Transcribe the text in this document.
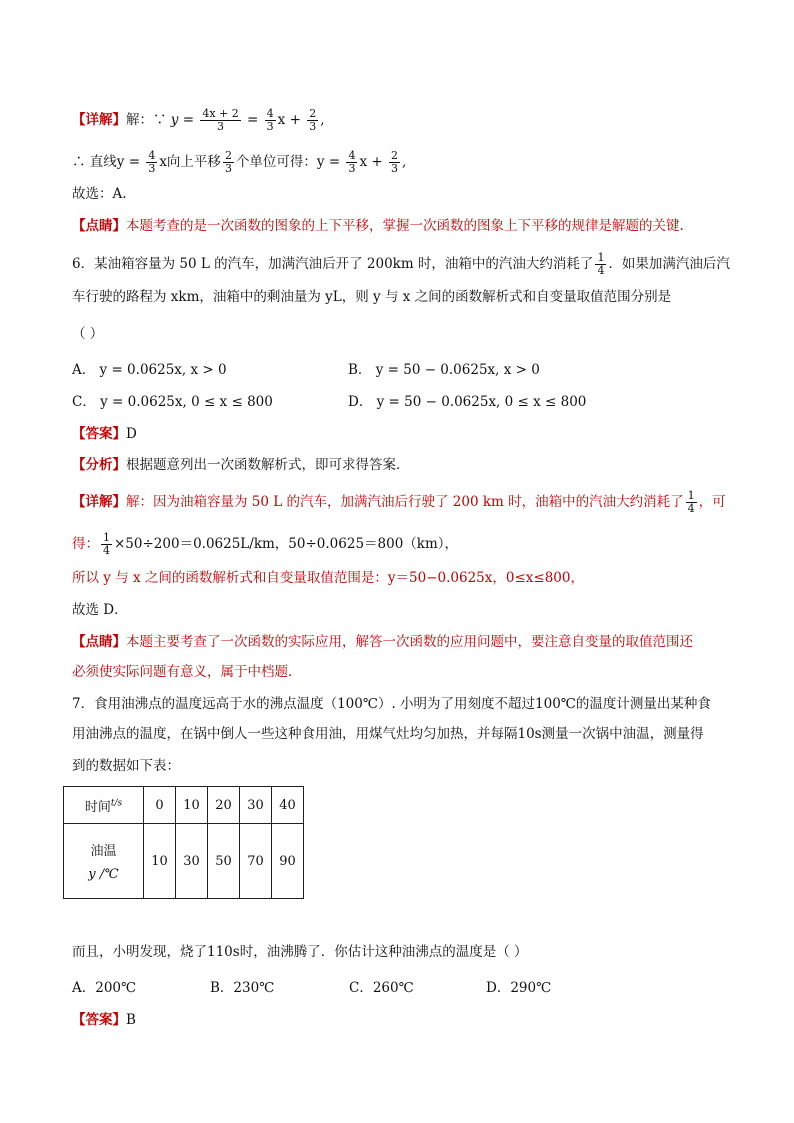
【详解】解：∵ $y = \frac{4x + 2}{3} = \frac{4}{3}$ $x + \frac{2}{3}$ ,
∴ 直线$y = \frac{4}{3}$ x向上平移 $\frac{2}{3}$ 个单位可得：$y = \frac{4}{3}$ $x + \frac{2}{3}$ ,
故选：A.
【点睛】本题考查的是一次函数的图象的上下平移，掌握一次函数的图象上下平移的规律是解题的关键.
6．某油箱容量为 50 L 的汽车，加满汽油后开了 200km 时，油箱中的汽油大约消耗了 $\frac{1}{4}$ ．如果加满汽油后汽
车行驶的路程为 xkm，油箱中的剩油量为 yL，则 y 与 x 之间的函数解析式和自变量取值范围分别是
（ ）
A． y = 0.0625x, x > 0	B． y = 50 − 0.0625x, x > 0
C． y = 0.0625x, 0 ≤ x ≤ 800	D． y = 50 − 0.0625x, 0 ≤ x ≤ 800
【答案】D
【分析】根据题意列出一次函数解析式，即可求得答案．
【详解】解：因为油箱容量为 50 L 的汽车，加满汽油后行驶了 200 km 时，油箱中的汽油大约消耗了 $\frac{1}{4}$ ，可
得： $\frac{1}{4} \times 50\div 200=0.0625L/km$，50÷0.0625＝800（km），
所以 y 与 x 之间的函数解析式和自变量取值范围是：y＝50−0.0625x，0≤x≤800，
故选 D．
【点睛】本题主要考查了一次函数的实际应用，解答一次函数的应用问题中，要注意自变量的取值范围还
必须使实际问题有意义，属于中档题．
7．食用油沸点的温度远高于水的沸点温度（100℃）. 小明为了用刻度不超过100℃的温度计测量出某种食
用油沸点的温度，在锅中倒人一些这种食用油，用煤气灶均匀加热，并每隔10s测量一次锅中油温，测量得
到的数据如下表：
时间$^{t/s}$	0	10	20	30	40

油温
y /℃	10	30	50	70	90
而且，小明发现，烧了110s时，油沸腾了．你估计这种油沸点的温度是（ ）
A．200℃	B．230℃	C．260℃	D．290℃
【答案】B
